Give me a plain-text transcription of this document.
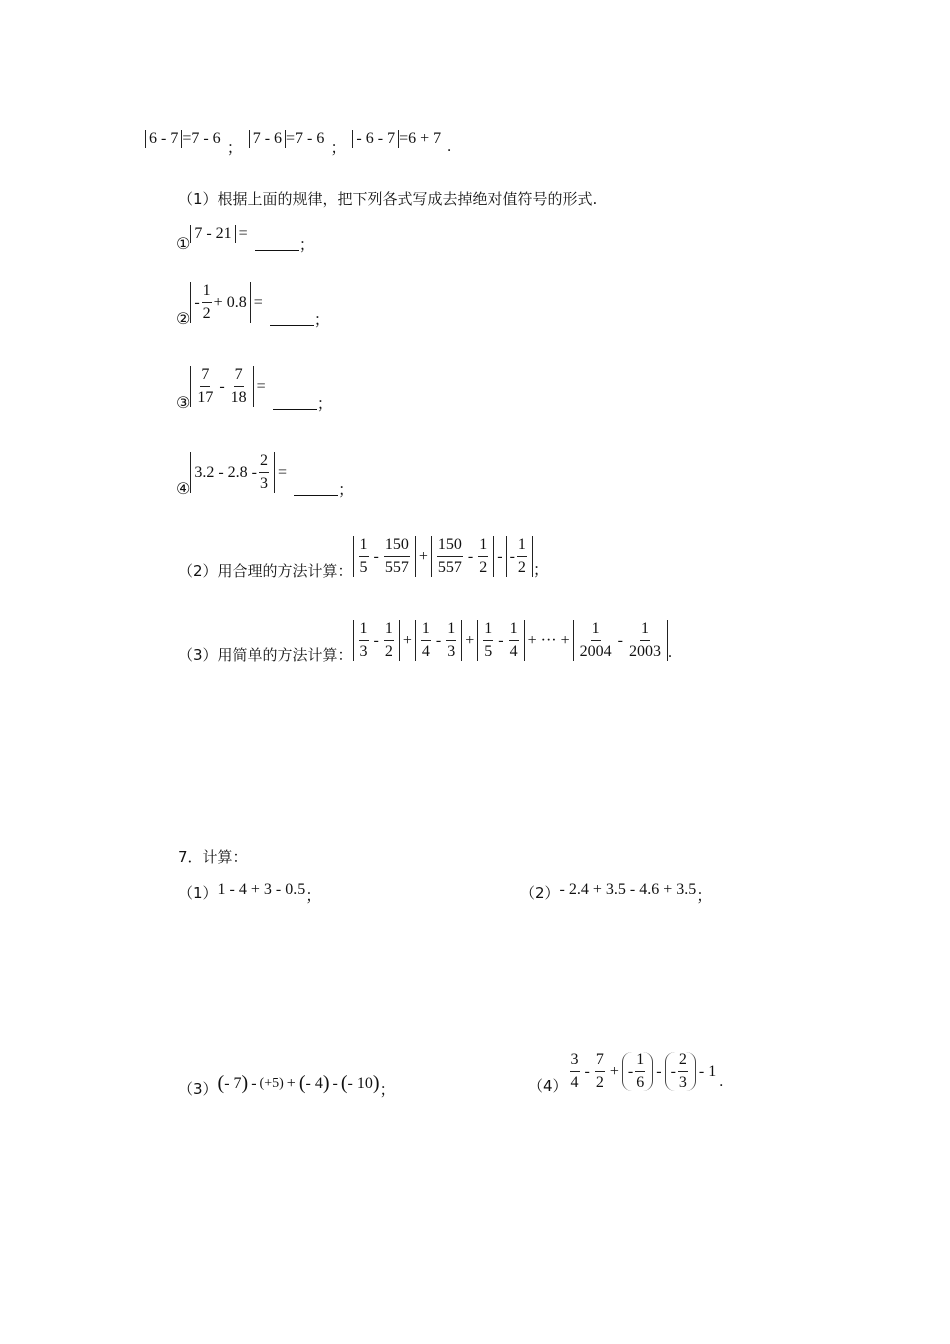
6 - 7 =7 - 6
；
7 - 6 =7 - 6
；
- 6 - 7 =6 + 7 .
（1）根据上面的规律，把下列各式写成去掉绝对值符号的形式.
①
7 - 21 =
；
②
- $\frac{1}{2} + 0.8$ =
；
③ $\frac{7}{17} - \frac{7}{18}$ =
；
④
$3.2 - 2.8 - \frac{2}{3}$ =
；
（2）用合理的方法计算： $\frac{1}{5} - \frac{150}{557} + \frac{150}{557} - \frac{1}{2}$ - - $\frac{1}{2}$ ；
（3）用简单的方法计算： $\frac{1}{3} - \frac{1}{2} + \frac{1}{4} - \frac{1}{3} + \frac{1}{5} - \frac{1}{4}$ + ··· + $\frac{1}{2004} - \frac{1}{2003}$ .
7．计算：
（1） 1 - 4 + 3 - 0.5 ；	（2） - 2.4 + 3.5 - 4.6 + 3.5 ；
（3） ( - 7 ) - ( +5 ) + ( - 4 ) - ( - 10 ) ；	$(4) \frac{3}{4} - \frac{7}{2}$ + - $\frac{1}{6}$ - - $\frac{2}{3} - 1$
.
